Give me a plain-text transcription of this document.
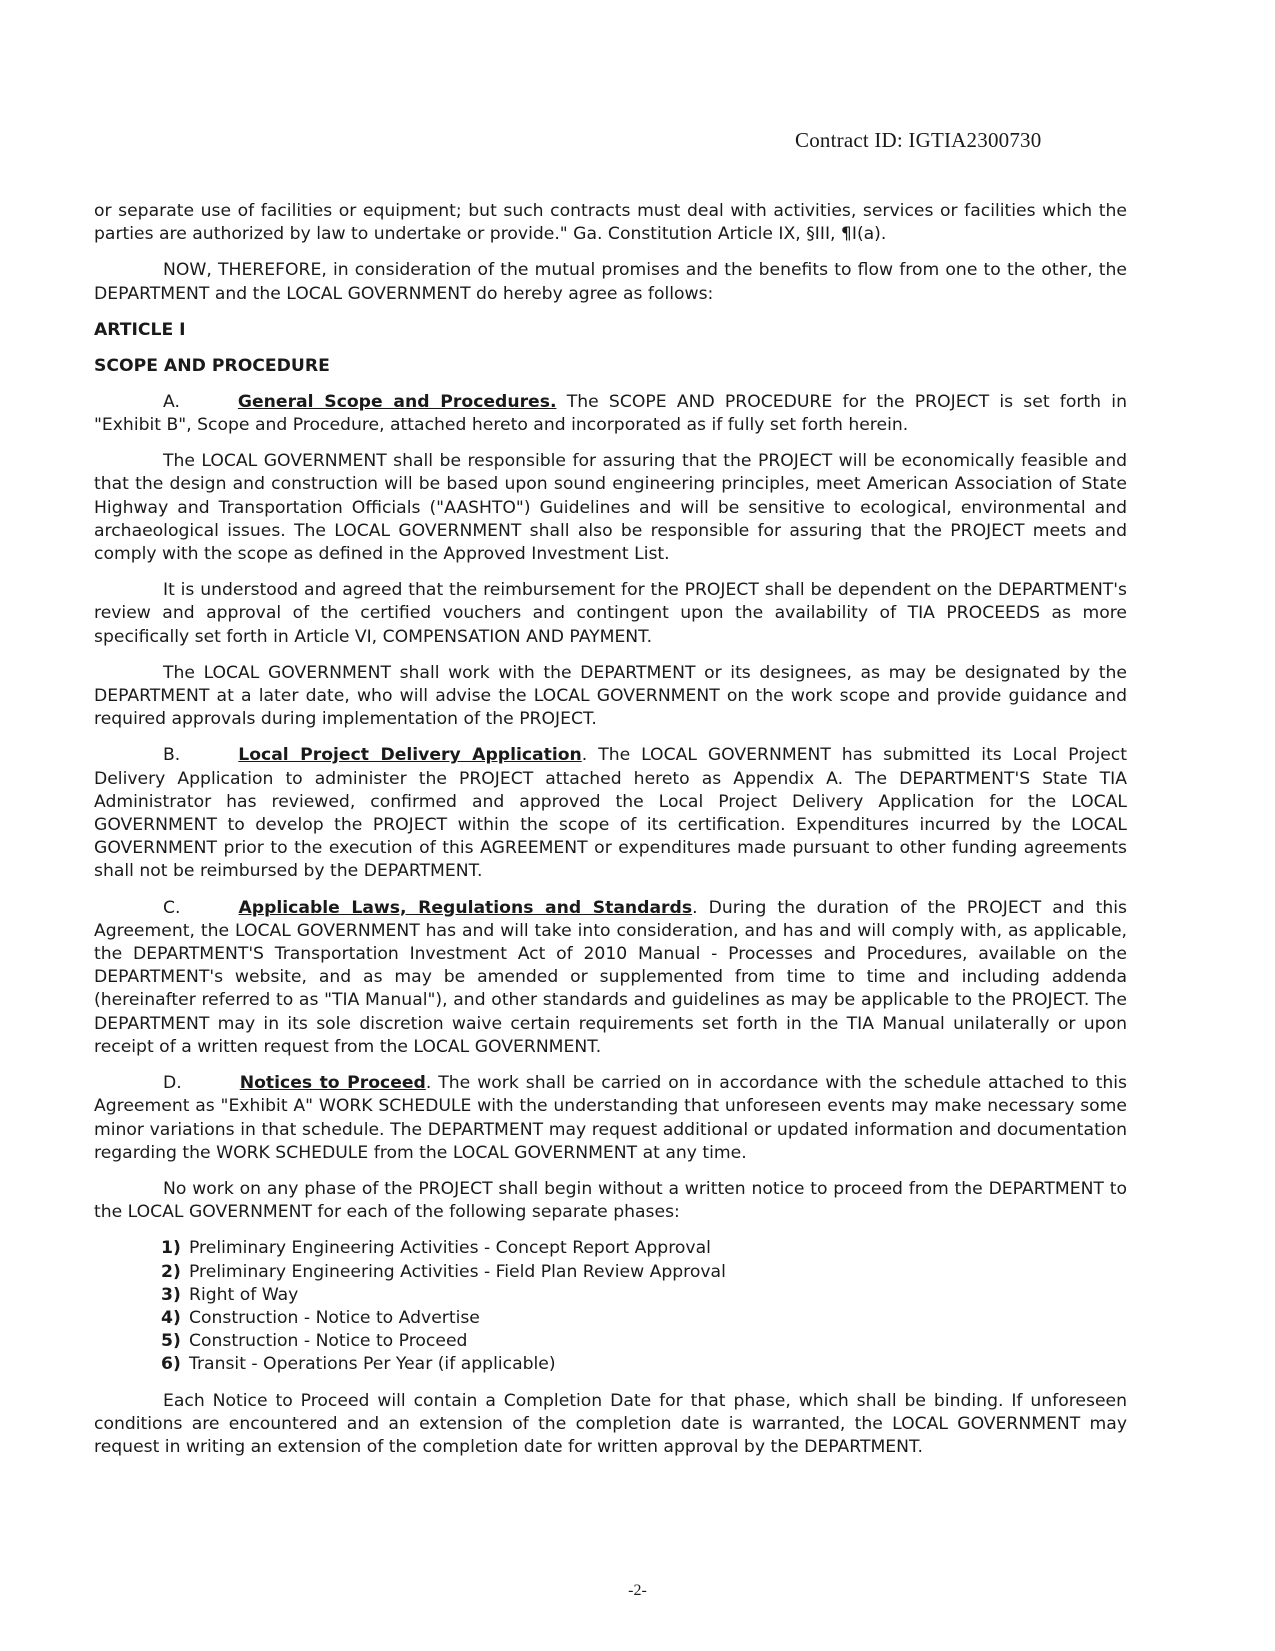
Contract ID: IGTIA2300730

or separate use of facilities or equipment; but such contracts must deal with activities, services or facilities which the parties are authorized by law to undertake or provide." Ga. Constitution Article IX, §III, ¶I(a).

NOW, THEREFORE, in consideration of the mutual promises and the benefits to flow from one to the other, the DEPARTMENT and the LOCAL GOVERNMENT do hereby agree as follows:

ARTICLE I

SCOPE AND PROCEDURE

A.	General Scope and Procedures. The SCOPE AND PROCEDURE for the PROJECT is set forth in "Exhibit B", Scope and Procedure, attached hereto and incorporated as if fully set forth herein.

The LOCAL GOVERNMENT shall be responsible for assuring that the PROJECT will be economically feasible and that the design and construction will be based upon sound engineering principles, meet American Association of State Highway and Transportation Officials ("AASHTO") Guidelines and will be sensitive to ecological, environmental and archaeological issues. The LOCAL GOVERNMENT shall also be responsible for assuring that the PROJECT meets and comply with the scope as defined in the Approved Investment List.

It is understood and agreed that the reimbursement for the PROJECT shall be dependent on the DEPARTMENT's review and approval of the certified vouchers and contingent upon the availability of TIA PROCEEDS as more specifically set forth in Article VI, COMPENSATION AND PAYMENT.

The LOCAL GOVERNMENT shall work with the DEPARTMENT or its designees, as may be designated by the DEPARTMENT at a later date, who will advise the LOCAL GOVERNMENT on the work scope and provide guidance and required approvals during implementation of the PROJECT.

B.	Local Project Delivery Application. The LOCAL GOVERNMENT has submitted its Local Project Delivery Application to administer the PROJECT attached hereto as Appendix A. The DEPARTMENT'S State TIA Administrator has reviewed, confirmed and approved the Local Project Delivery Application for the LOCAL GOVERNMENT to develop the PROJECT within the scope of its certification. Expenditures incurred by the LOCAL GOVERNMENT prior to the execution of this AGREEMENT or expenditures made pursuant to other funding agreements shall not be reimbursed by the DEPARTMENT.

C.	Applicable Laws, Regulations and Standards. During the duration of the PROJECT and this Agreement, the LOCAL GOVERNMENT has and will take into consideration, and has and will comply with, as applicable, the DEPARTMENT'S Transportation Investment Act of 2010 Manual - Processes and Procedures, available on the DEPARTMENT's website, and as may be amended or supplemented from time to time and including addenda (hereinafter referred to as "TIA Manual"), and other standards and guidelines as may be applicable to the PROJECT. The DEPARTMENT may in its sole discretion waive certain requirements set forth in the TIA Manual unilaterally or upon receipt of a written request from the LOCAL GOVERNMENT.

D.	Notices to Proceed. The work shall be carried on in accordance with the schedule attached to this Agreement as "Exhibit A" WORK SCHEDULE with the understanding that unforeseen events may make necessary some minor variations in that schedule. The DEPARTMENT may request additional or updated information and documentation regarding the WORK SCHEDULE from the LOCAL GOVERNMENT at any time.

No work on any phase of the PROJECT shall begin without a written notice to proceed from the DEPARTMENT to the LOCAL GOVERNMENT for each of the following separate phases:

1) Preliminary Engineering Activities - Concept Report Approval
2) Preliminary Engineering Activities - Field Plan Review Approval
3) Right of Way
4) Construction - Notice to Advertise
5) Construction - Notice to Proceed
6) Transit - Operations Per Year (if applicable)

Each Notice to Proceed will contain a Completion Date for that phase, which shall be binding. If unforeseen conditions are encountered and an extension of the completion date is warranted, the LOCAL GOVERNMENT may request in writing an extension of the completion date for written approval by the DEPARTMENT.

-2-
